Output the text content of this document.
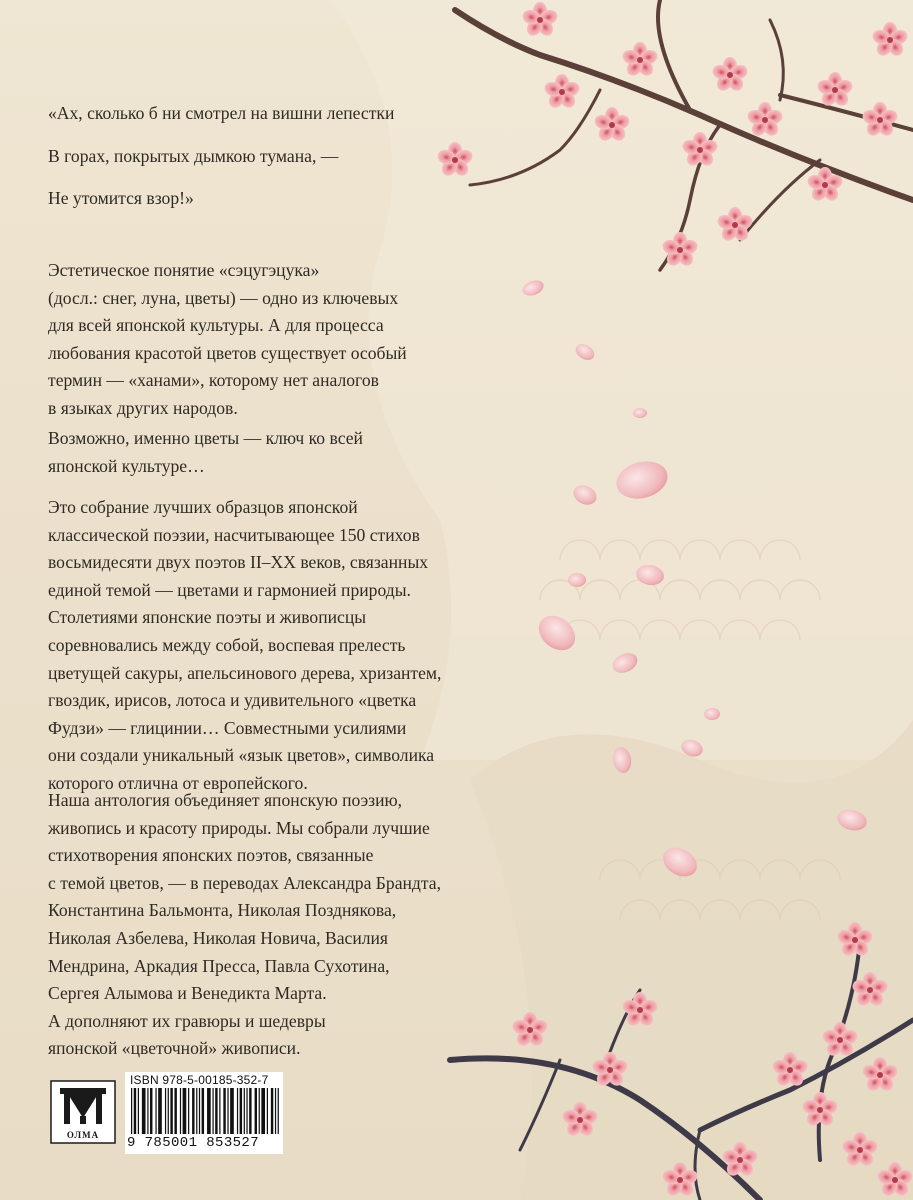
«Ах, сколько б ни смотрел на вишни лепестки
В горах, покрытых дымкою тумана, —
Не утомится взор!»
Эстетическое понятие «сэцугэцука»
(досл.: снег, луна, цветы) — одно из ключевых
для всей японской культуры. А для процесса
любования красотой цветов существует особый
термин — «ханами», которому нет аналогов
в языках других народов.
Возможно, именно цветы — ключ ко всей
японской культуре…
Это собрание лучших образцов японской
классической поэзии, насчитывающее 150 стихов
восьмидесяти двух поэтов II–XX веков, связанных
единой темой — цветами и гармонией природы.
Столетиями японские поэты и живописцы
соревновались между собой, воспевая прелесть
цветущей сакуры, апельсинового дерева, хризантем,
гвоздик, ирисов, лотоса и удивительного «цветка
Фудзи» — глицинии… Совместными усилиями
они создали уникальный «язык цветов», символика
которого отлична от европейского.
Наша антология объединяет японскую поэзию,
живопись и красоту природы. Мы собрали лучшие
стихотворения японских поэтов, связанные
с темой цветов, — в переводах Александра Брандта,
Константина Бальмонта, Николая Позднякова,
Николая Азбелева, Николая Новича, Василия
Мендрина, Аркадия Пресса, Павла Сухотина,
Сергея Алымова и Венедикта Марта.
А дополняют их гравюры и шедевры
японской «цветочной» живописи.
ОЛМА
ISBN 978-5-00185-352-7
9 785001 853527
